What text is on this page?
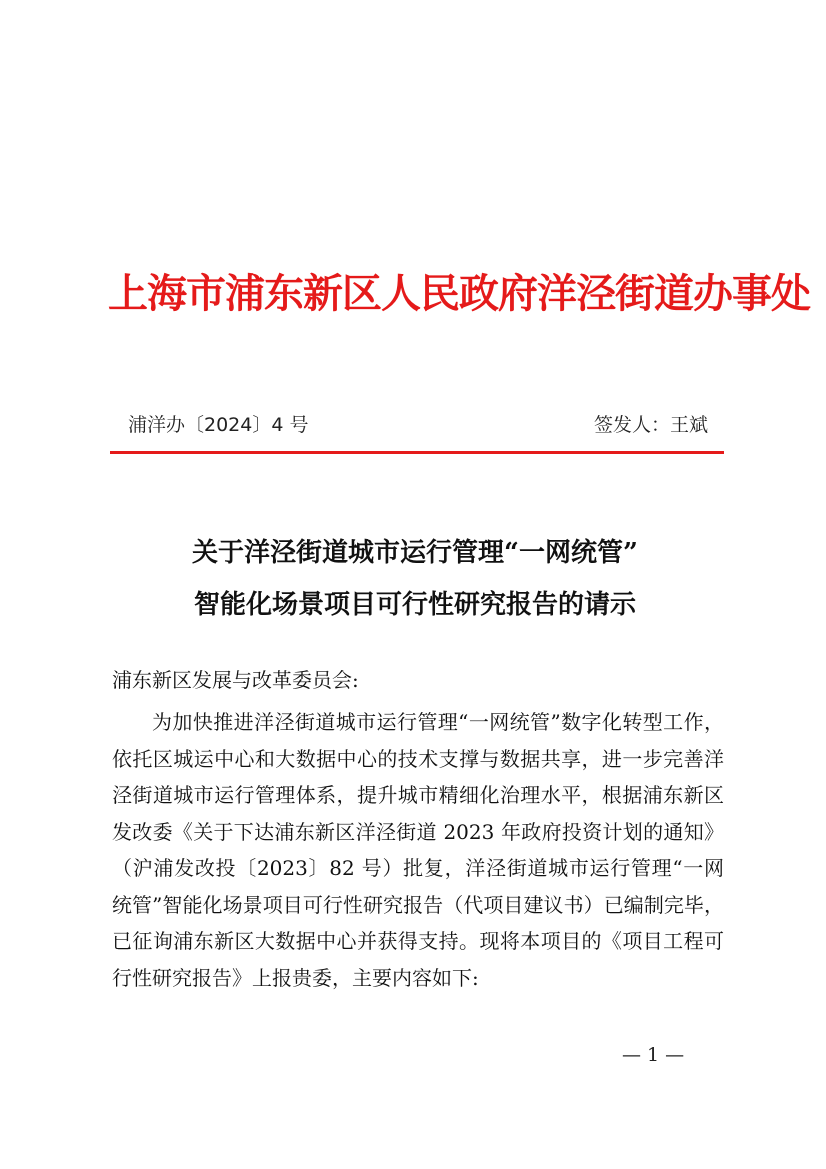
上海市浦东新区人民政府洋泾街道办事处
浦洋办〔2024〕4 号	签发人：王斌
关于洋泾街道城市运行管理“一网统管”
智能化场景项目可行性研究报告的请示
浦东新区发展与改革委员会:
为加快推进洋泾街道城市运行管理“一网统管”数字化转型工作，依托区城运中心和大数据中心的技术支撑与数据共享，进一步完善洋泾街道城市运行管理体系，提升城市精细化治理水平，根据浦东新区发改委《关于下达浦东新区洋泾街道 2023 年政府投资计划的通知》（沪浦发改投〔2023〕82 号）批复，洋泾街道城市运行管理“一网统管”智能化场景项目可行性研究报告（代项目建议书）已编制完毕，已征询浦东新区大数据中心并获得支持。现将本项目的《项目工程可行性研究报告》上报贵委，主要内容如下:
— 1 —
